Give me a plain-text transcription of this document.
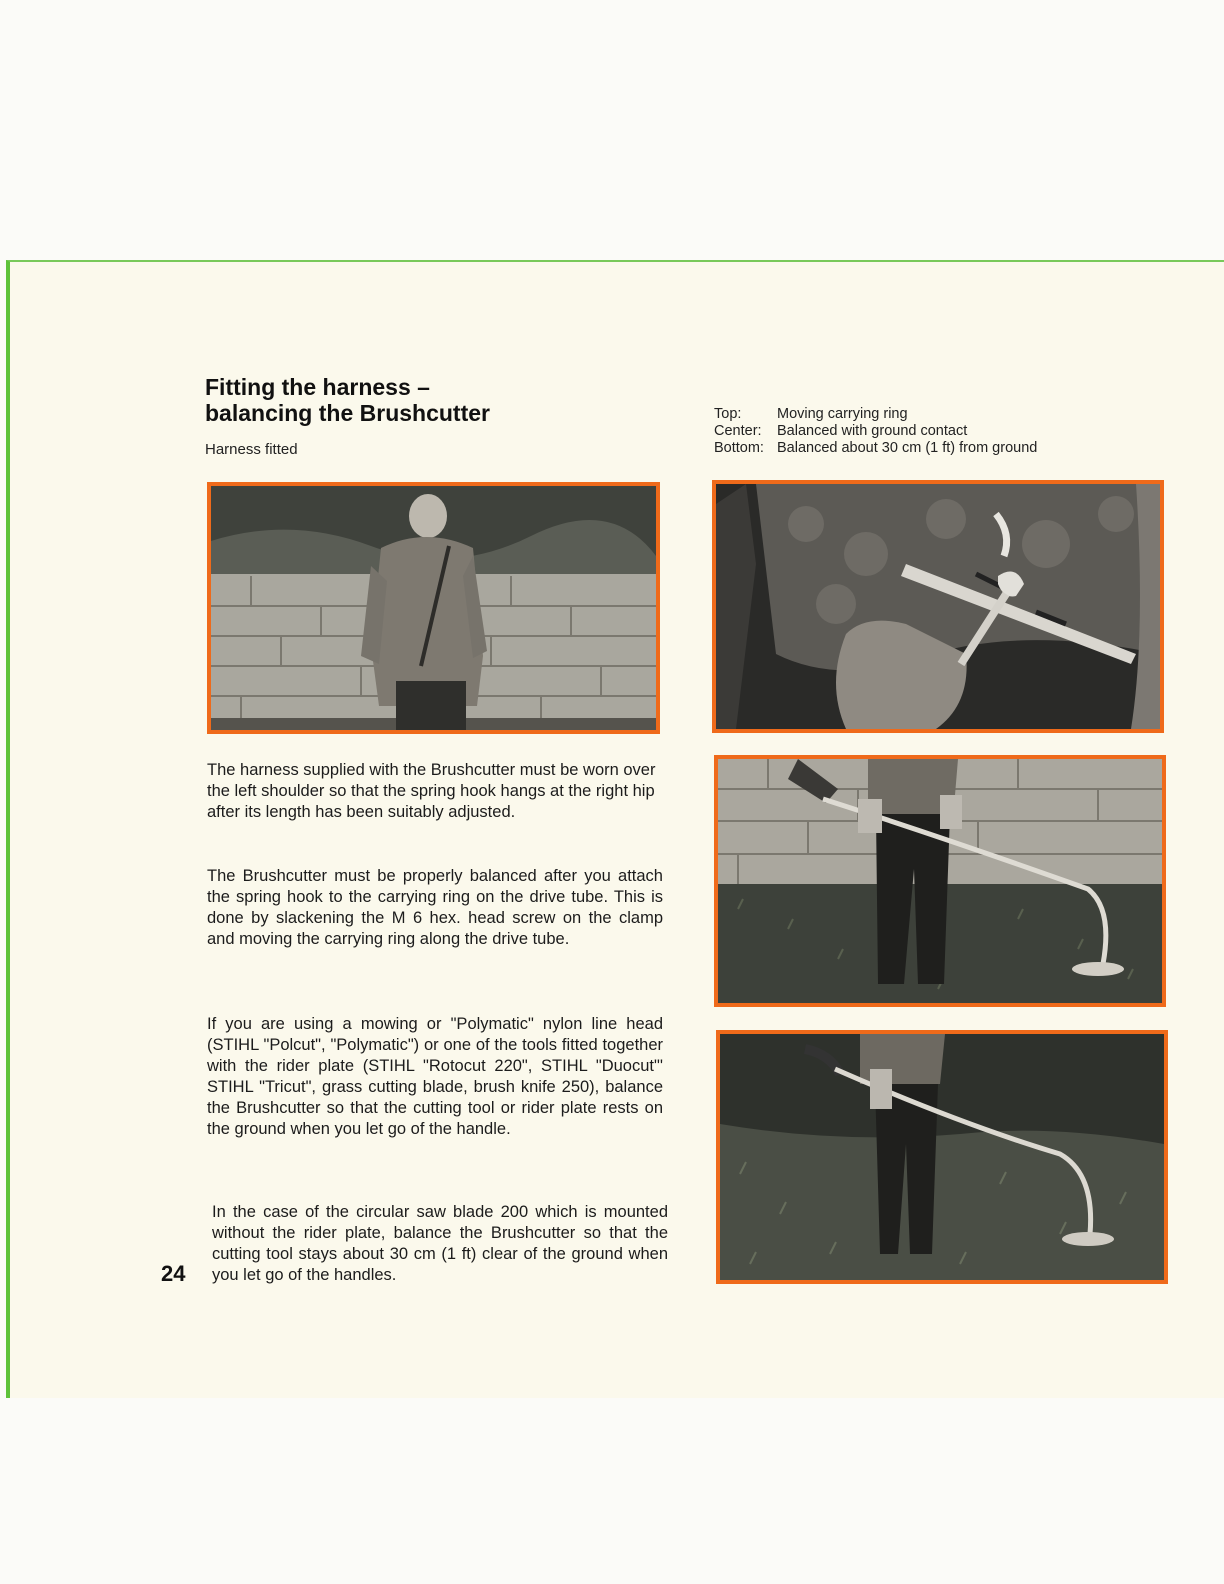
Fitting the harness –
balancing the Brushcutter
Harness fitted
Top:	Moving carrying ring
Center:	Balanced with ground contact
Bottom: Balanced about 30 cm (1 ft) from ground
The harness supplied with the Brushcutter must be worn over the left shoulder so that the spring hook hangs at the right hip after its length has been suitably adjusted.
The Brushcutter must be properly balanced after you attach the spring hook to the carrying ring on the drive tube. This is done by slackening the M 6 hex. head screw on the clamp and moving the carrying ring along the drive tube.
If you are using a mowing or "Polymatic" nylon line head (STIHL "Polcut", "Polymatic") or one of the tools fitted together with the rider plate (STIHL "Rotocut 220", STIHL "Duocut"' STIHL "Tricut", grass cutting blade, brush knife 250), balance the Brushcutter so that the cutting tool or rider plate rests on the ground when you let go of the handle.
In the case of the circular saw blade 200 which is mounted without the rider plate, balance the Brushcutter so that the cutting tool stays about 30 cm (1 ft) clear of the ground when you let go of the handles.
24
